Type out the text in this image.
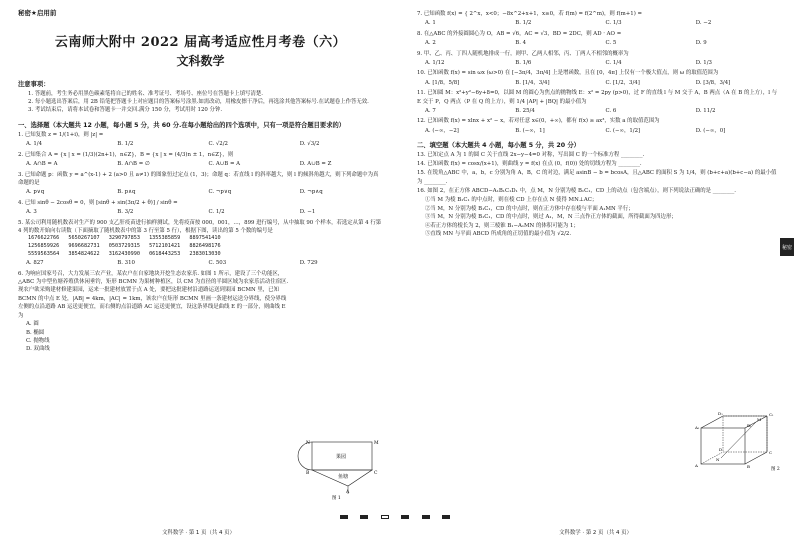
秘密★启用前
云南师大附中 2022 届高考适应性月考卷（六）
文科数学
注意事项：
1. 答题前，考生务必用黑色碳素笔将自己的姓名、准考证号、考场号、座位号在答题卡上填写清楚.
2. 每小题选出答案后，用 2B 铅笔把答题卡上对应题目的答案标号涂黑.如需改动，用橡皮擦干净后，再选涂其他答案标号.在试题卷上作答无效.
3. 考试结束后，请将本试卷和答题卡一并交回.满分 150 分，考试用时 120 分钟.
一、选择题（本大题共 12 小题，每小题 5 分，共 60 分.在每小题给出的四个选项中，只有一项是符合题目要求的）
1. 已知复数 z = 1/(1+i)，则 |z| =
A. 1/4	B. 1/2	C. √2/2	D. √3/2
2. 已知集合 A = {x | x = (1/3)(2n+1)，n∈Z}，B = {x | x = (4/3)n ± 1，n∈Z}，则
A. A∩B = A	B. A∩B = ∅	C. A∪B = A	D. A∪B = Z
3. 已知命题 p：函数 y = a^(x-1) + 2 (a>0 且 a≠1) 的图象恒过定点 (1，3)；命题 q：若直线 l 的斜率越大，则 l 的倾斜角越大，则下列命题中为真命题的是
A. p∨q	B. p∧q	C. ¬p∨q	D. ¬p∧q
4. 已知 sinθ − 2cosθ = 0，则 [sinθ + sin(3π/2 + θ)] / sinθ =
A. 3	B. 3/2	C. 1/2	D. −1
5. 某公司利用随机数表对生产的 900 支乙肝疫苗进行抽样测试，先将疫苗按 000，001，…，899 进行编号，从中抽取 90 个样本，若选定从第 4 行第 4 列的数开始向右读数（下面摘取了随机数表中的第 3 行至第 5 行），根据下图，读出的第 5 个数的编号是
1676622766 5650267107 3290797853 1355385859 8897541410
1256859926 9696682731 0503729315 5712101421 8826498176
5559563564 3854824622 3162430990 0618443253 2383013030
A. 827	B. 310	C. 503	D. 729
6. 为响应国家号召，大力发展三农产业，某农户在自家地块开挖生态农家乐. 如图 1 所示，建设了三个功能区，△ABC 为中型鱼塘养殖供休闲垂钓，矩形 BCMN 为果树种植区，以 CM 为直径的半圆区域为农家乐活动住宿区. 现农户欲采购建材修建果园，运来一批建材放置于点 A 处，要把这批建材沿道路运送到果园 BCMN 里，已知 BCMN 的中点 E 处，|AB| = 4km，|AC| = 1km，该农户在矩形 BCMN 里画一条建材运送分界线，使分界线左侧的点沿道路 AB 运送更便宜，而右侧的点沿道路 AC 运送更便宜，设这条界线是曲线 E 的一部分，则曲线 E 为
A. 圆
B. 椭圆
C. 抛物线
D. 双曲线
果园
鱼塘
A
B	C
M
N
图 1
文科数学 · 第 1 页（共 4 页）
7. 已知函数 f(x) = { 2^x，x<0；−8x^2+x+1，x≥0，若 f(m) = f(2^m)，则 f(m+1) =
A. 1	B. 1/2	C. 1/3	D. −2
8. 在△ABC 的外接圆圆心为 O，AB = √6，AC = √3，BD = 2DC，则 AD · AO =
A. 2	B. 4	C. 5	D. 9
9. 甲、乙、丙、丁四人随机地排成一行，则甲、乙两人相邻，丙、丁两人不相邻的概率为
A. 1/12	B. 1/6	C. 1/4	D. 1/3
10. 已知函数 f(x) = sin ωx (ω>0) 在 [−3π/4，3π/4] 上是增函数，且在 [0，4π] 上仅有一个极大值点，则 ω 的取值范围为
A. [1/8，5/8]	B. [1/4，3/4]	C. [1/2，3/4]	D. [3/8，3/4]
11. 已知圆 M：x²+y²−6y+8=0，以圆 M 的圆心为焦点的抛物线 E：x² = 2py (p>0)，过 F 的直线 l 与 M 交于 A，B 两点（A 在 B 的上方），l 与 E 交于 P，Q 两点（P 在 Q 的上方），则 1/4 |AP| + |BQ| 的最小值为
A. 7	B. 25/4	C. 6	D. 11/2
12. 已知函数 f(x) = xlnx + x² − x，若对任意 x∈(0，+∞)，都有 f(x) ≥ ax³，实数 a 的取值范围为
A. (−∞，−2]	B. (−∞，1]	C. (−∞，1/2]	D. (−∞，0]
二、填空题（本大题共 4 小题，每小题 5 分，共 20 分）
13. 已知定点 A 为 1 的圆 C 关于直线 2x−y−4=0 对称，写出圆 C 的一个标准方程 ________.
14. 已知函数 f(x) = cosx/(x+1)，则曲线 y = f(x) 在点 (0，f(0)) 处的切线方程为 ________.
15. 在锐角△ABC 中，a，b，c 分别为角 A，B，C 的对边，满足 asinB − b = bcosA，且△ABC 的面积 S 为 1/4，则 (b+c+a)(b+c−a) 的最小值为 ________.
16. 如图 2，在正方体 ABCD−A₁B₁C₁D₁ 中，点 M，N 分别为棱 B₁C₁，CD 上的动点（包含端点），则下列说法正确的是 ________.
①当 M 为棱 B₁C₁ 的中点时，则在棱 CD 上存在点 N 使得 MN⊥AC；
②当 M，N 分别为棱 B₁C₁，CD 的中点时，则在正方体中存在棱与平面 A₁MN 平行；
③当 M，N 分别为棱 B₁C₁，CD 的中点时，则过 A₁，M，N 三点作正方体的截面，所得截面为四边形；
④若正方体的棱长为 2，则三棱锥 B₁−A₁MN 的体积可能为 1；
⑤直线 MN 与平面 ABCD 所成角的正切值的最小值为 √2/2.
D₁	C₁
A₁	B₁
D
C
A	B
M
N
图 2
文科数学 · 第 2 页（共 4 页）
秘密
